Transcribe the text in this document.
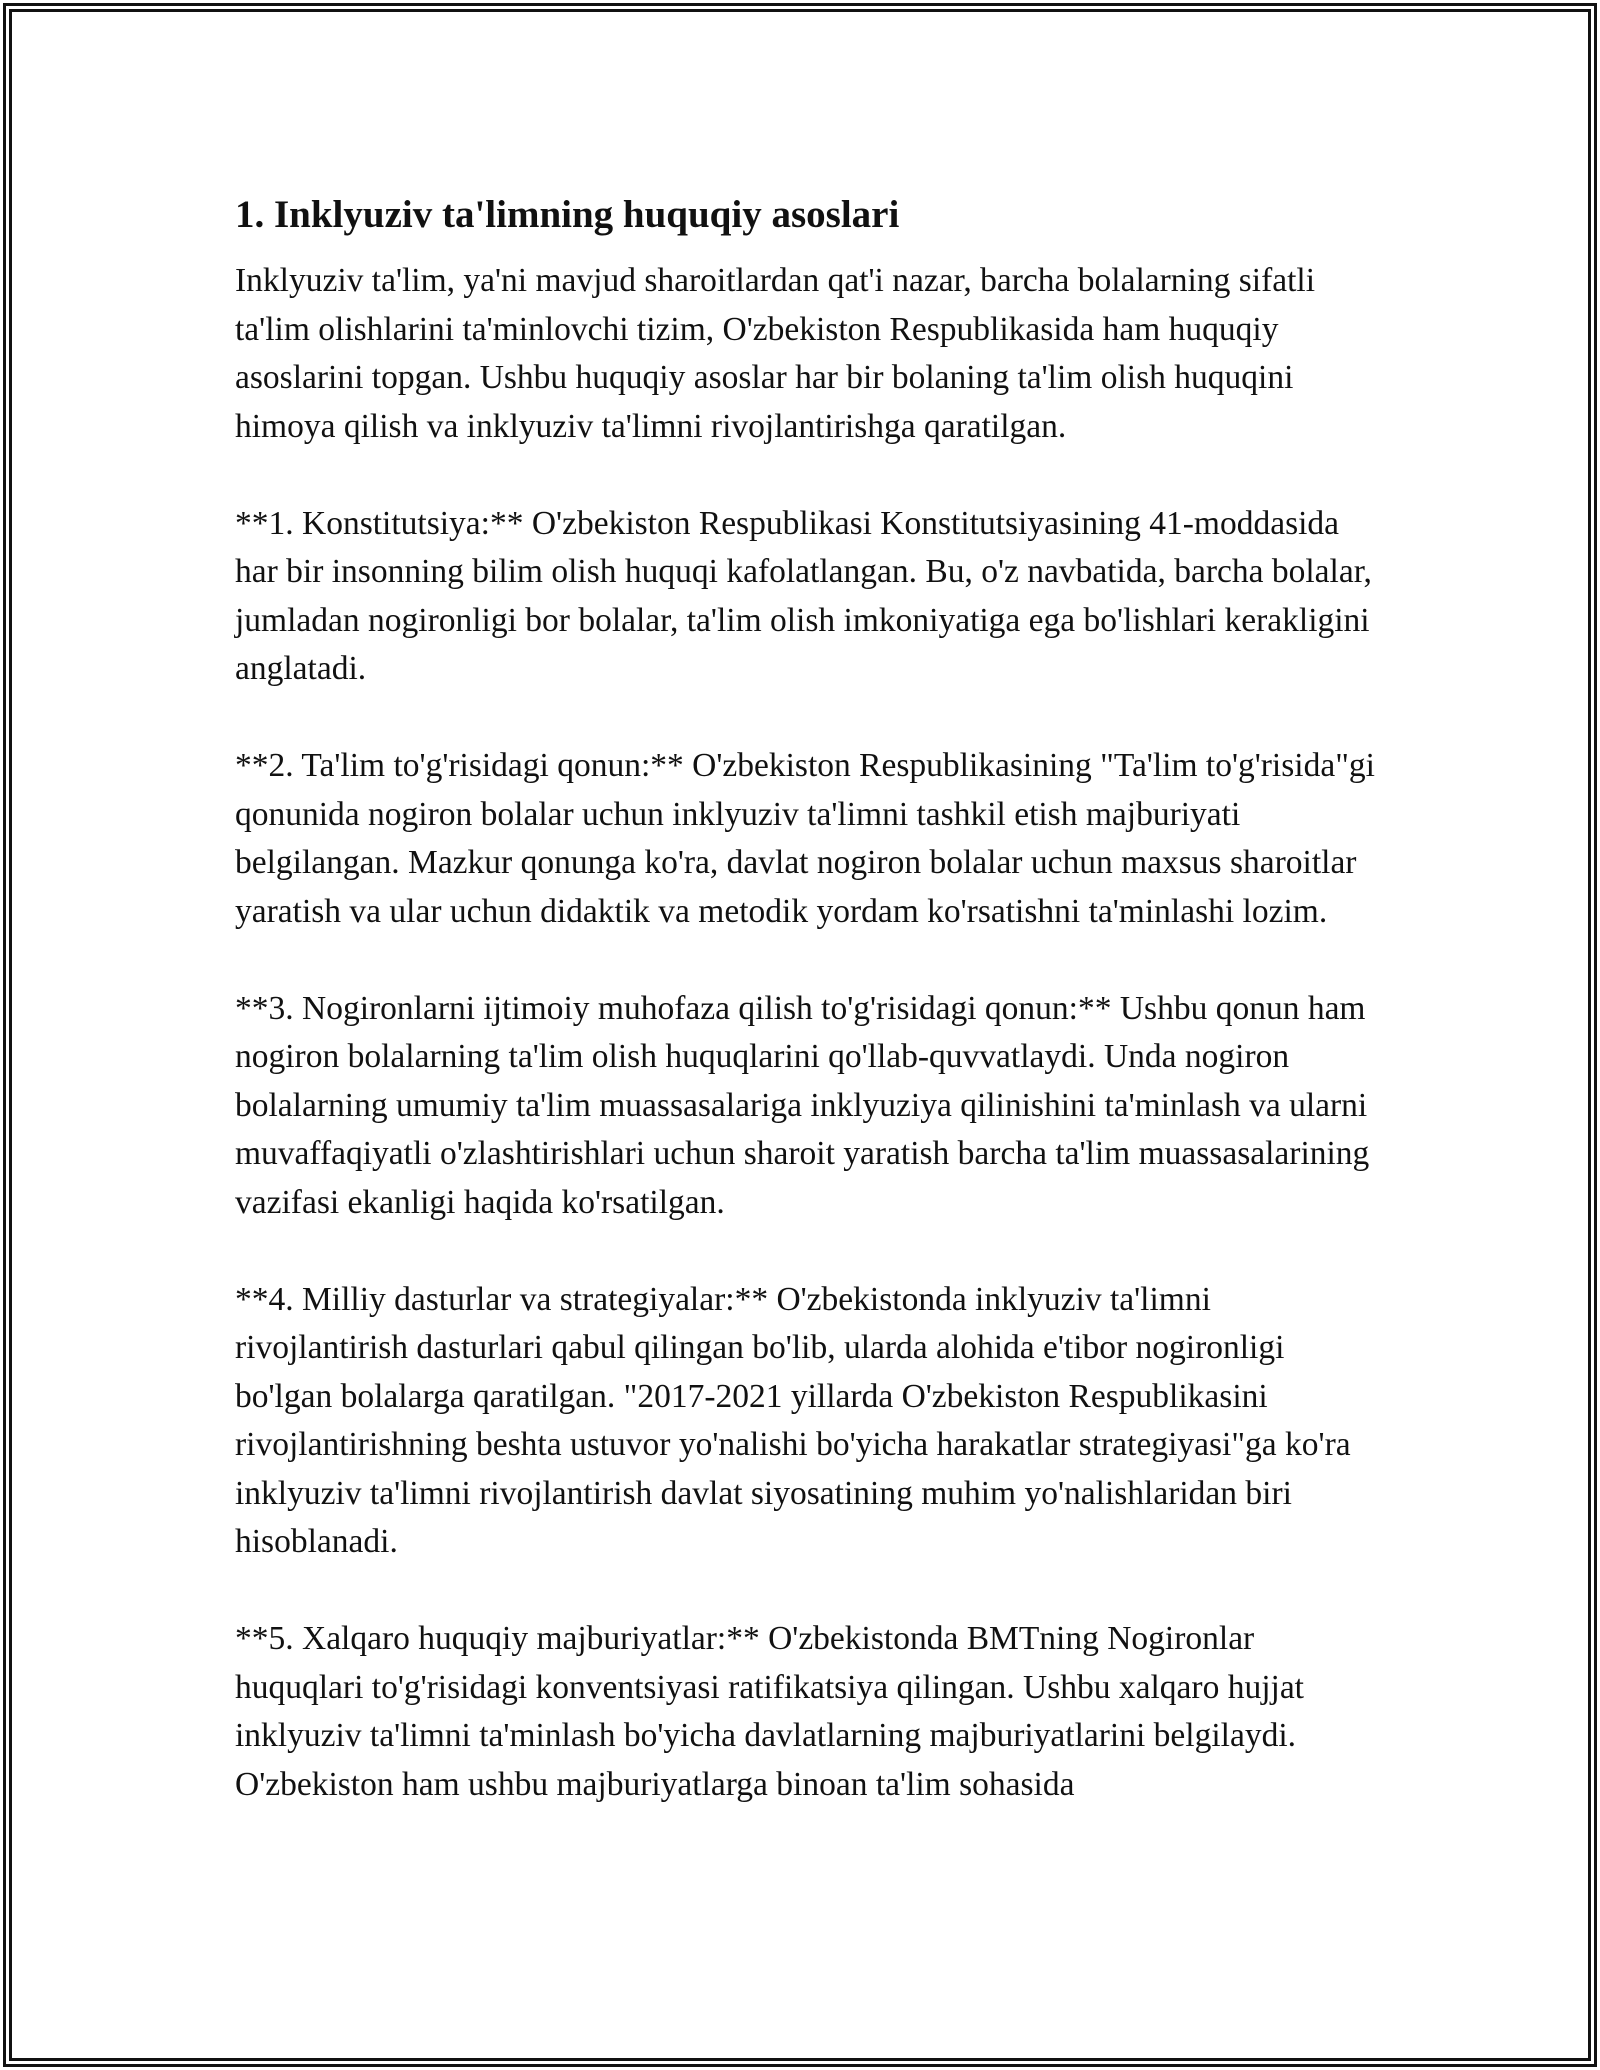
1. Inklyuziv ta'limning huquqiy asoslari

Inklyuziv ta'lim, ya'ni mavjud sharoitlardan qat'i nazar, barcha bolalarning sifatli ta'lim olishlarini ta'minlovchi tizim, O'zbekiston Respublikasida ham huquqiy asoslarini topgan. Ushbu huquqiy asoslar har bir bolaning ta'lim olish huquqini himoya qilish va inklyuziv ta'limni rivojlantirishga qaratilgan.

**1. Konstitutsiya:** O'zbekiston Respublikasi Konstitutsiyasining 41-moddasida har bir insonning bilim olish huquqi kafolatlangan. Bu, o'z navbatida, barcha bolalar, jumladan nogironligi bor bolalar, ta'lim olish imkoniyatiga ega bo'lishlari kerakligini anglatadi.

**2. Ta'lim to'g'risidagi qonun:** O'zbekiston Respublikasining "Ta'lim to'g'risida"gi qonunida nogiron bolalar uchun inklyuziv ta'limni tashkil etish majburiyati belgilangan. Mazkur qonunga ko'ra, davlat nogiron bolalar uchun maxsus sharoitlar yaratish va ular uchun didaktik va metodik yordam ko'rsatishni ta'minlashi lozim.

**3. Nogironlarni ijtimoiy muhofaza qilish to'g'risidagi qonun:** Ushbu qonun ham nogiron bolalarning ta'lim olish huquqlarini qo'llab-quvvatlaydi. Unda nogiron bolalarning umumiy ta'lim muassasalariga inklyuziya qilinishini ta'minlash va ularni muvaffaqiyatli o'zlashtirishlari uchun sharoit yaratish barcha ta'lim muassasalarining vazifasi ekanligi haqida ko'rsatilgan.

**4. Milliy dasturlar va strategiyalar:** O'zbekistonda inklyuziv ta'limni rivojlantirish dasturlari qabul qilingan bo'lib, ularda alohida e'tibor nogironligi bo'lgan bolalarga qaratilgan. "2017-2021 yillarda O'zbekiston Respublikasini rivojlantirishning beshta ustuvor yo'nalishi bo'yicha harakatlar strategiyasi"ga ko'ra inklyuziv ta'limni rivojlantirish davlat siyosatining muhim yo'nalishlaridan biri hisoblanadi.

**5. Xalqaro huquqiy majburiyatlar:** O'zbekistonda BMTning Nogironlar huquqlari to'g'risidagi konventsiyasi ratifikatsiya qilingan. Ushbu xalqaro hujjat inklyuziv ta'limni ta'minlash bo'yicha davlatlarning majburiyatlarini belgilaydi. O'zbekiston ham ushbu majburiyatlarga binoan ta'lim sohasida
